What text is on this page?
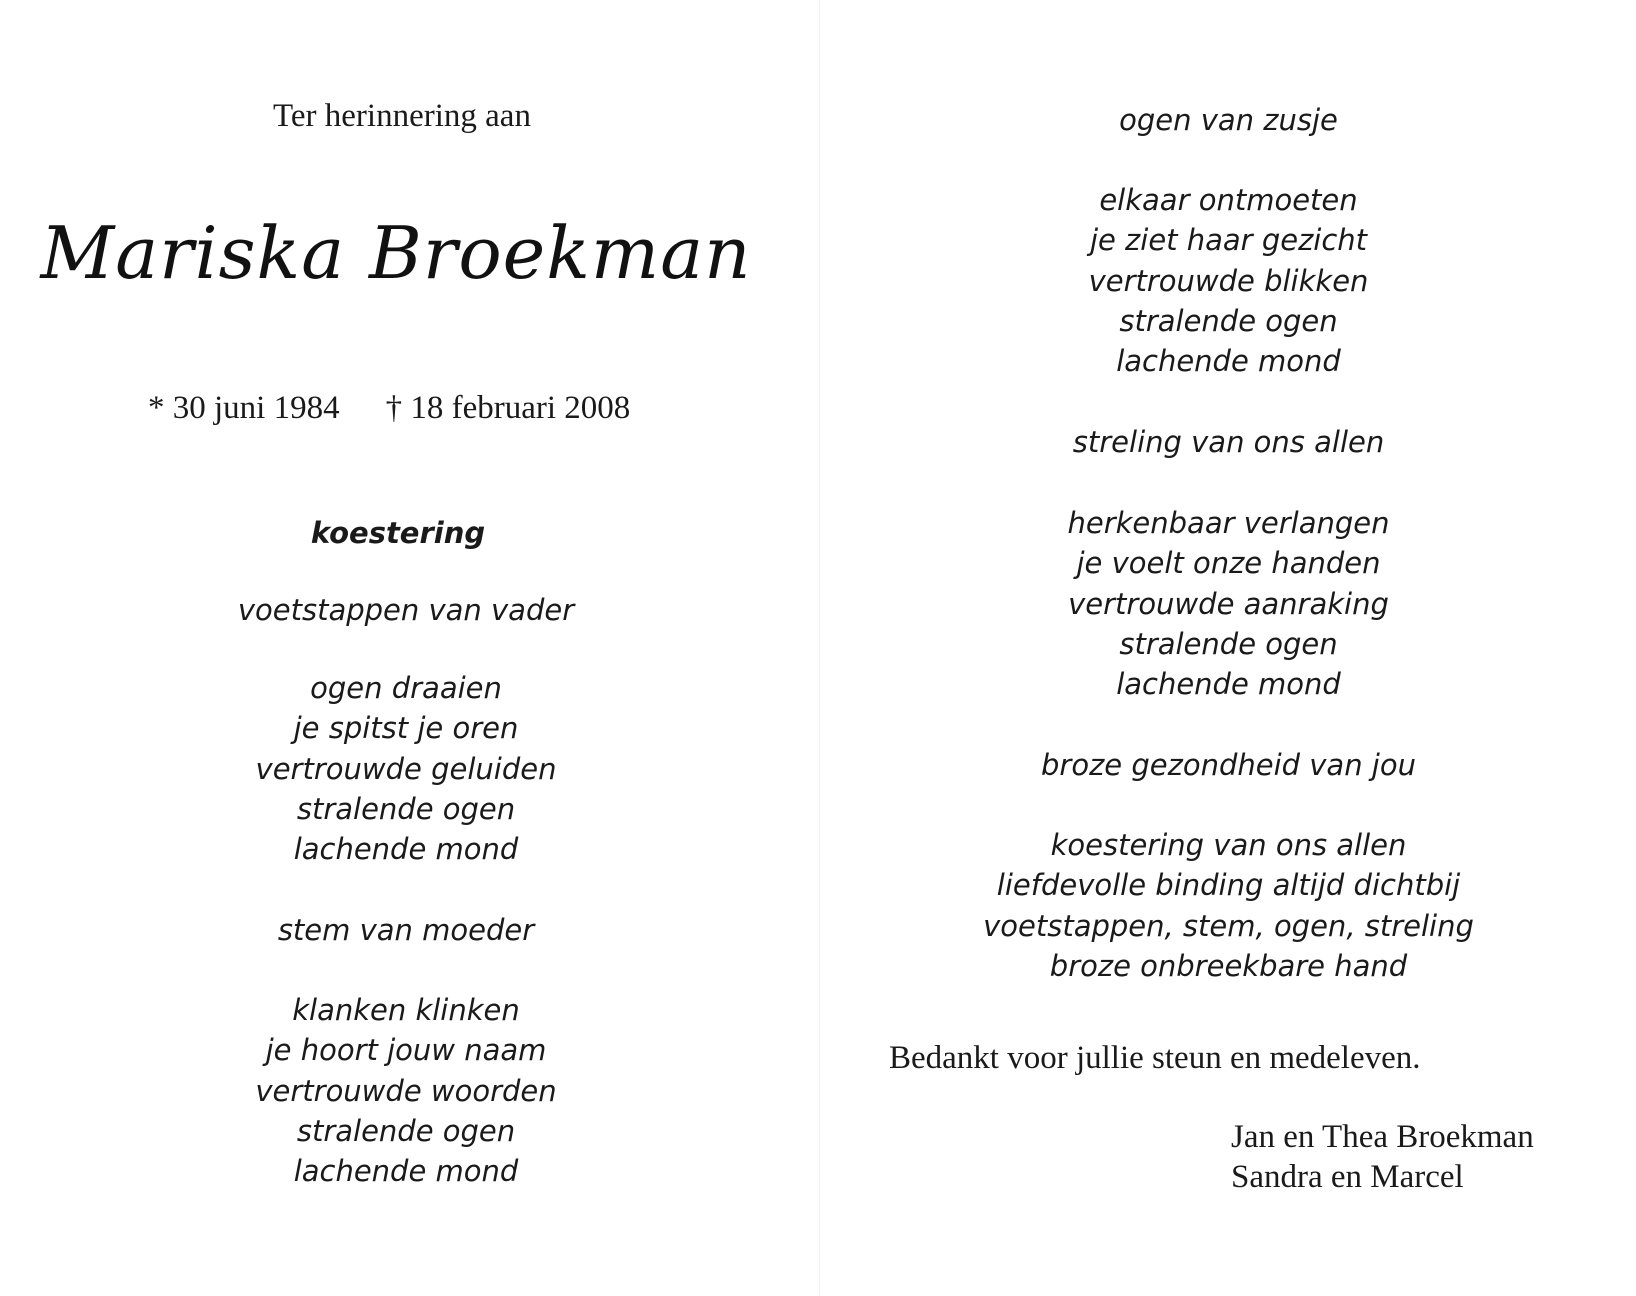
Ter herinnering aan
Mariska Broekman
* 30 juni 1984 † 18 februari 2008
koestering
voetstappen van vader
ogen draaien
je spitst je oren
vertrouwde geluiden
stralende ogen
lachende mond
stem van moeder
klanken klinken
je hoort jouw naam
vertrouwde woorden
stralende ogen
lachende mond
ogen van zusje
elkaar ontmoeten
je ziet haar gezicht
vertrouwde blikken
stralende ogen
lachende mond
streling van ons allen
herkenbaar verlangen
je voelt onze handen
vertrouwde aanraking
stralende ogen
lachende mond
broze gezondheid van jou
koestering van ons allen
liefdevolle binding altijd dichtbij
voetstappen, stem, ogen, streling
broze onbreekbare hand
Bedankt voor jullie steun en medeleven.
Jan en Thea Broekman
Sandra en Marcel
